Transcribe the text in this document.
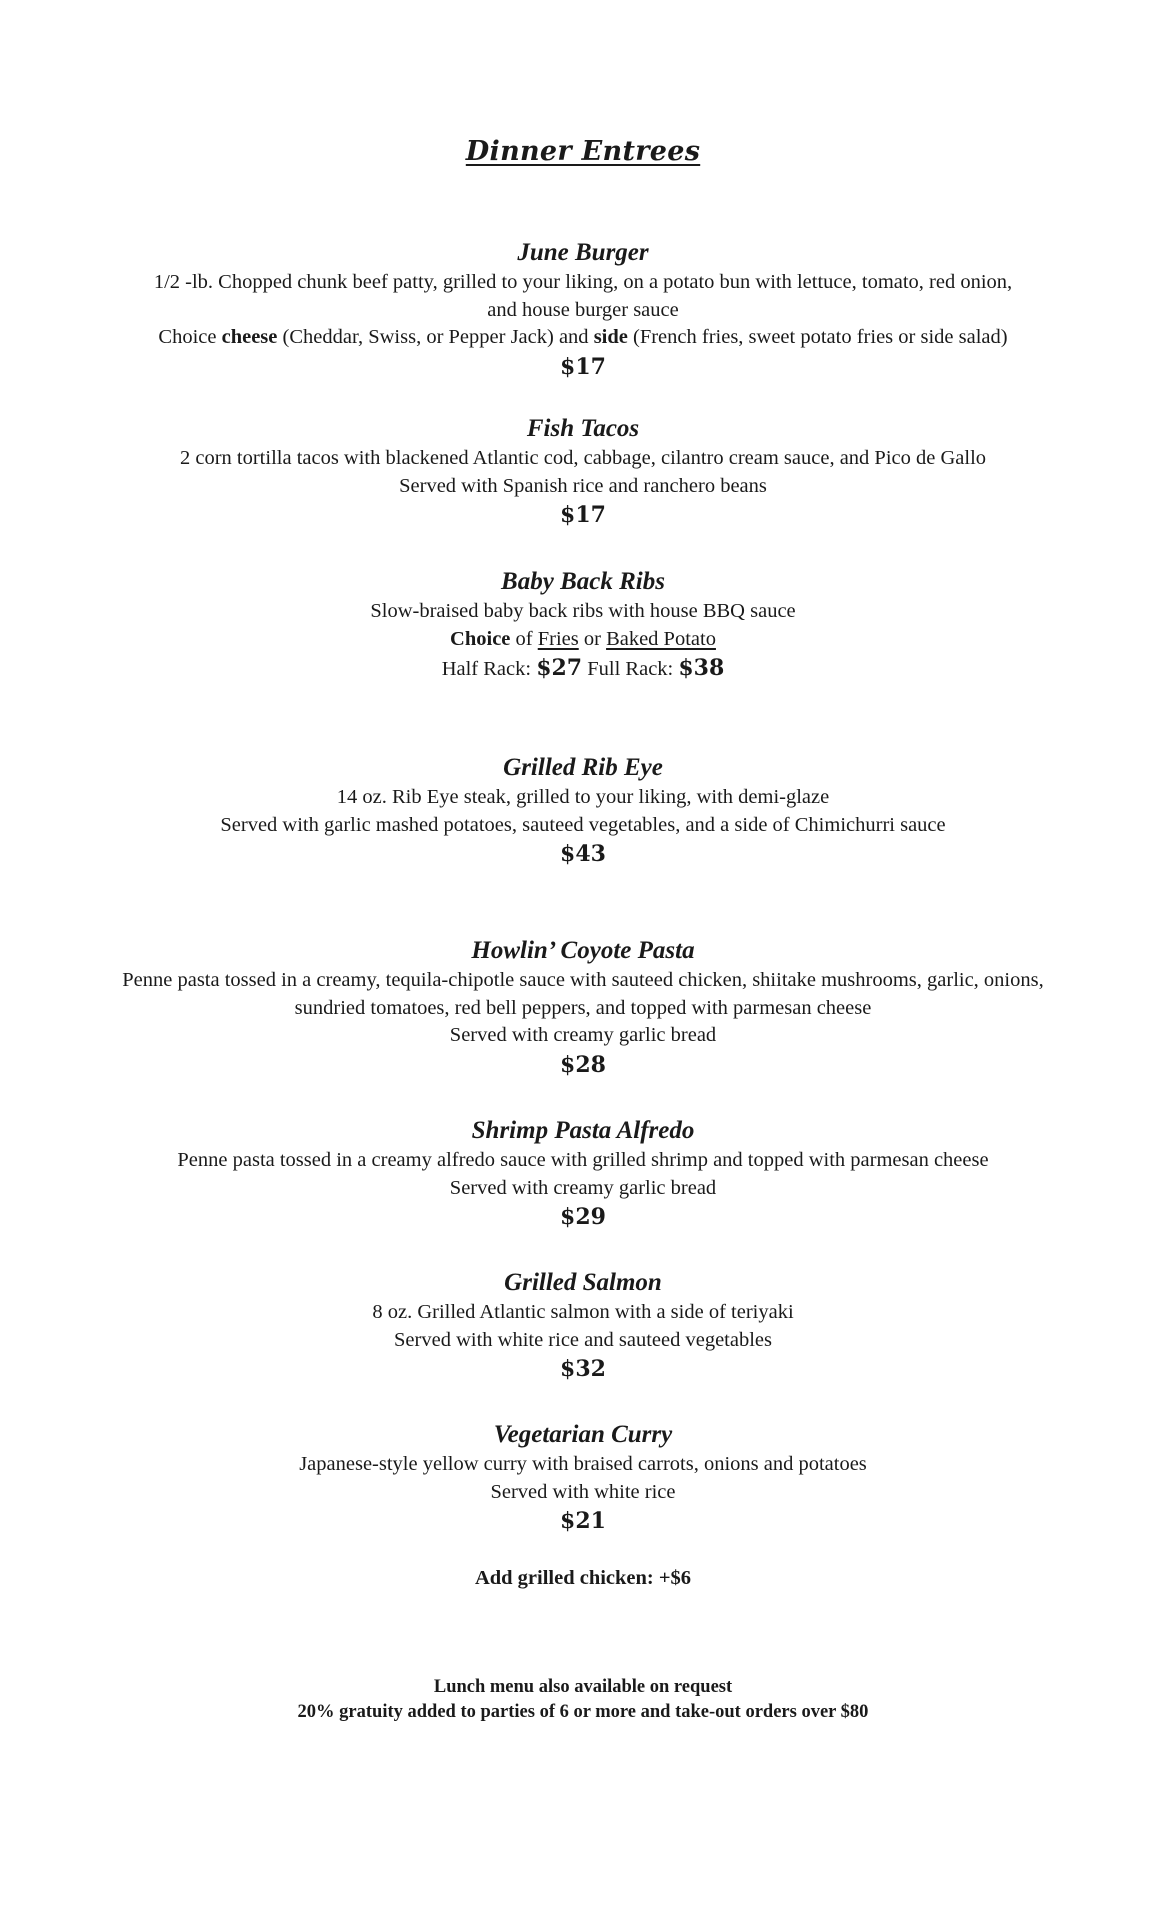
Dinner Entrees
June Burger
1/2 -lb. Chopped chunk beef patty, grilled to your liking, on a potato bun with lettuce, tomato, red onion,
and house burger sauce
Choice cheese (Cheddar, Swiss, or Pepper Jack) and side (French fries, sweet potato fries or side salad)
$17
Fish Tacos
2 corn tortilla tacos with blackened Atlantic cod, cabbage, cilantro cream sauce, and Pico de Gallo
Served with Spanish rice and ranchero beans
$17
Baby Back Ribs
Slow-braised baby back ribs with house BBQ sauce
Choice of Fries or Baked Potato
Half Rack: $27 Full Rack: $38
Grilled Rib Eye
14 oz. Rib Eye steak, grilled to your liking, with demi-glaze
Served with garlic mashed potatoes, sauteed vegetables, and a side of Chimichurri sauce
$43
Howlin’ Coyote Pasta
Penne pasta tossed in a creamy, tequila-chipotle sauce with sauteed chicken, shiitake mushrooms, garlic, onions,
sundried tomatoes, red bell peppers, and topped with parmesan cheese
Served with creamy garlic bread
$28
Shrimp Pasta Alfredo
Penne pasta tossed in a creamy alfredo sauce with grilled shrimp and topped with parmesan cheese
Served with creamy garlic bread
$29
Grilled Salmon
8 oz. Grilled Atlantic salmon with a side of teriyaki
Served with white rice and sauteed vegetables
$32
Vegetarian Curry
Japanese-style yellow curry with braised carrots, onions and potatoes
Served with white rice
$21
Add grilled chicken: +$6
Lunch menu also available on request
20% gratuity added to parties of 6 or more and take-out orders over $80
